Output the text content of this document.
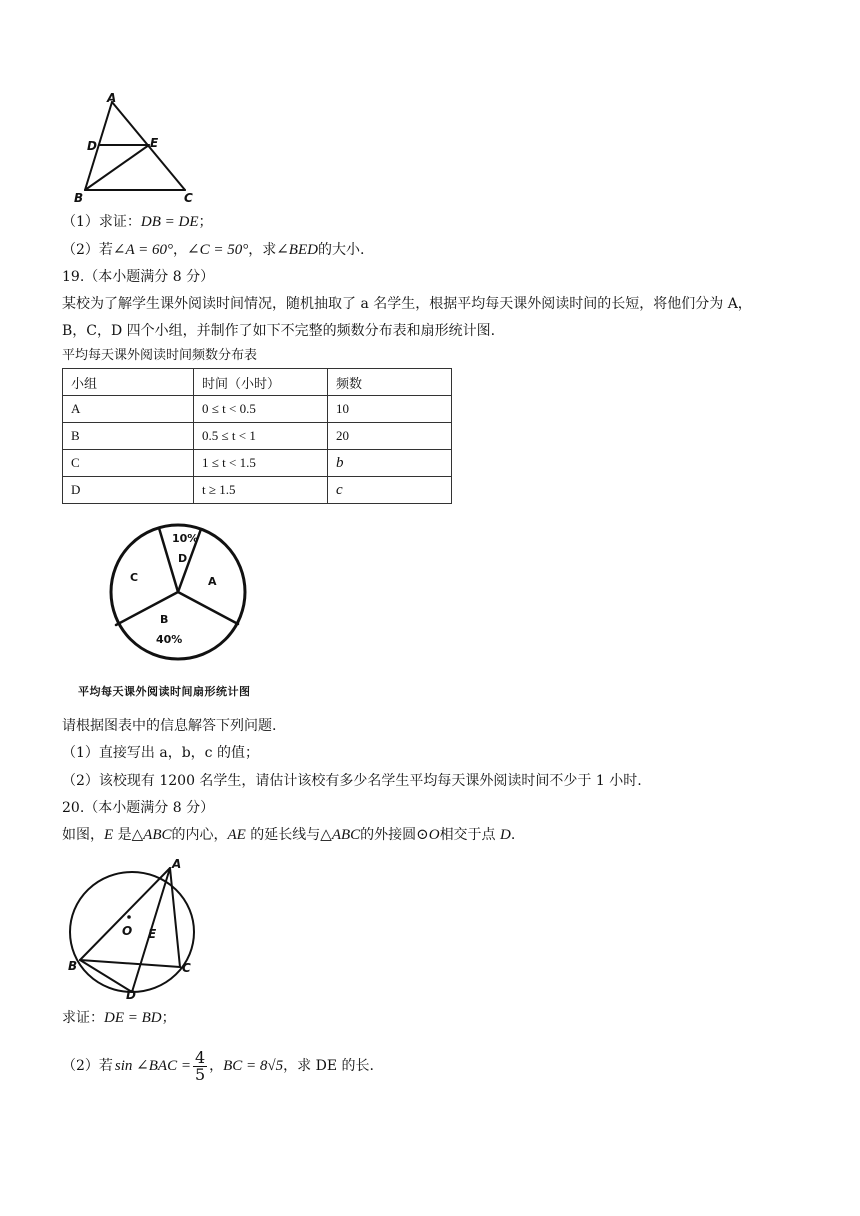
A
D	E
B	C
（1）求证：DB = DE；
（2）若∠A = 60°，∠C = 50°，求∠BED的大小.
19.（本小题满分 8 分）
某校为了解学生课外阅读时间情况，随机抽取了 a 名学生，根据平均每天课外阅读时间的长短，将他们分为 A，
B，C，D 四个小组，并制作了如下不完整的频数分布表和扇形统计图.
平均每天课外阅读时间频数分布表
小组	时间（小时）	频数
A	0 ≤ t < 0.5	10
B	0.5 ≤ t < 1	20
C	1 ≤ t < 1.5	b
D	t ≥ 1.5	c
10%
D
A
C
B
40%
平均每天课外阅读时间扇形统计图
请根据图表中的信息解答下列问题.
（1）直接写出 a，b，c 的值；
（2）该校现有 1200 名学生，请估计该校有多少名学生平均每天课外阅读时间不少于 1 小时.
20.（本小题满分 8 分）
如图，E 是△ABC的内心，AE 的延长线与△ABC的外接圆⊙O相交于点 D.
A
B	C
D
E
O
求证：DE = BD；
（2）若 sin ∠BAC = $\frac{4}{5}$ ， BC = 8√5 ，求 DE 的长.
